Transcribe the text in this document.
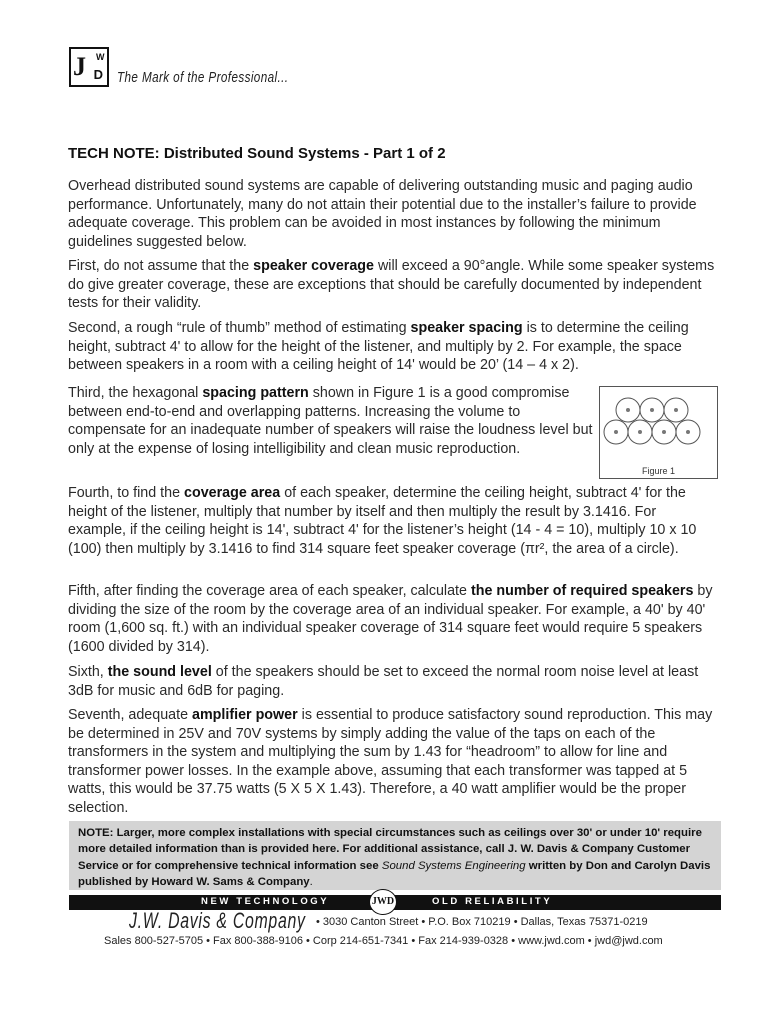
J W
D The Mark of the Professional...
TECH NOTE: Distributed Sound Systems - Part 1 of 2

Overhead distributed sound systems are capable of delivering outstanding music and paging audio performance. Unfortunately, many do not attain their potential due to the installer’s failure to provide adequate coverage. This problem can be avoided in most instances by following the minimum guidelines suggested below.

First, do not assume that the speaker coverage will exceed a 90°angle. While some speaker systems do give greater coverage, these are exceptions that should be carefully documented by independent tests for their validity.

Second, a rough “rule of thumb” method of estimating speaker spacing is to determine the ceiling height, subtract 4' to allow for the height of the listener, and multiply by 2. For example, the space between speakers in a room with a ceiling height of 14' would be 20’ (14 – 4 x 2).

Third, the hexagonal spacing pattern shown in Figure 1 is a good compromise between end-to-end and overlapping patterns. Increasing the volume to compensate for an inadequate number of speakers will raise the loudness level but only at the expense of losing intelligibility and clean music reproduction.

Figure 1

Fourth, to find the coverage area of each speaker, determine the ceiling height, subtract 4' for the height of the listener, multiply that number by itself and then multiply the result by 3.1416. For example, if the ceiling height is 14', subtract 4' for the listener’s height (14 - 4 = 10), multiply 10 x 10 (100) then multiply by 3.1416 to find 314 square feet speaker coverage (πr², the area of a circle).

Fifth, after finding the coverage area of each speaker, calculate the number of required speakers by dividing the size of the room by the coverage area of an individual speaker. For example, a 40' by 40' room (1,600 sq. ft.) with an individual speaker coverage of 314 square feet would require 5 speakers (1600 divided by 314).

Sixth, the sound level of the speakers should be set to exceed the normal room noise level at least 3dB for music and 6dB for paging.

Seventh, adequate amplifier power is essential to produce satisfactory sound reproduction. This may be determined in 25V and 70V systems by simply adding the value of the taps on each of the transformers in the system and multiplying the sum by 1.43 for “headroom” to allow for line and transformer power losses. In the example above, assuming that each transformer was tapped at 5 watts, this would be 37.75 watts (5 X 5 X 1.43). Therefore, a 40 watt amplifier would be the proper selection.

NOTE: Larger, more complex installations with special circumstances such as ceilings over 30' or under 10' require more detailed information than is provided here. For additional assistance, call J. W. Davis & Company Customer Service or for comprehensive technical information see Sound Systems Engineering written by Don and Carolyn Davis published by Howard W. Sams & Company.
NEW TECHNOLOGY	OLD RELIABILITY
JWD
J.W. Davis & Company • 3030 Canton Street • P.O. Box 710219 • Dallas, Texas 75371-0219
Sales 800-527-5705 • Fax 800-388-9106 • Corp 214-651-7341 • Fax 214-939-0328 • www.jwd.com • jwd@jwd.com
